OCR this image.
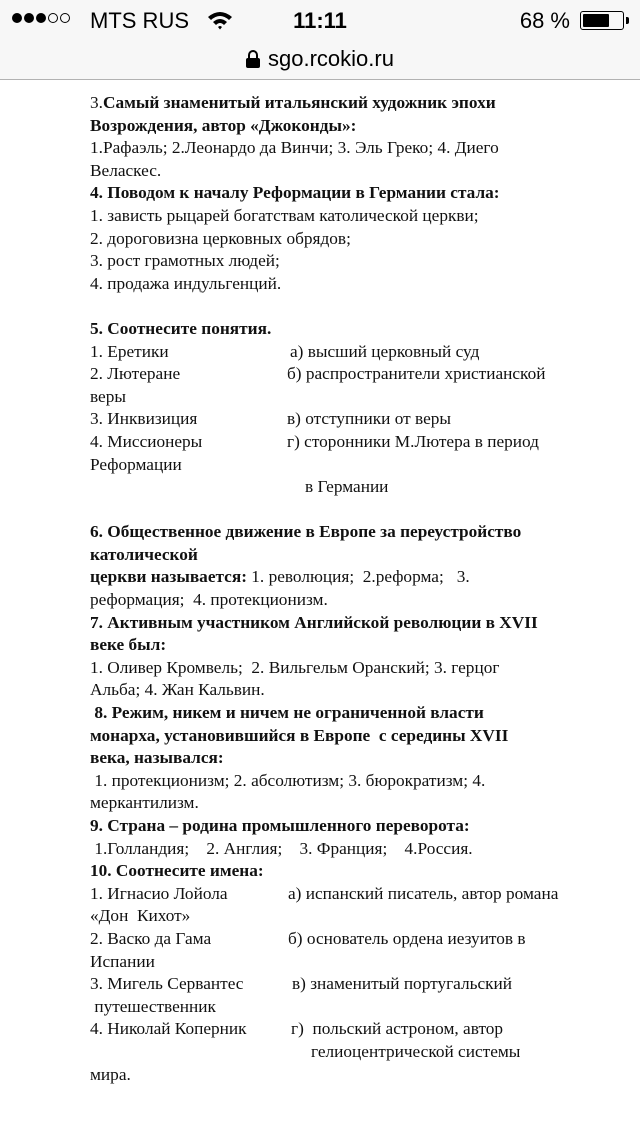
MTS RUS	11:11	68 %
sgo.rcokio.ru
3.Самый знаменитый итальянский художник эпохи
Возрождения, автор «Джоконды»:
1.Рафаэль; 2.Леонардо да Винчи; 3. Эль Греко; 4. Диего
Веласкес.
4. Поводом к началу Реформации в Германии стала:
1. зависть рыцарей богатствам католической церкви;
2. дороговизна церковных обрядов;
3. рост грамотных людей;
4. продажа индульгенций.
5. Соотнесите понятия.
1. Еретики	а) высший церковный суд
2. Лютеране	б) распространители христианской
веры
3. Инквизиция	в) отступники от веры
4. Миссионеры	г) сторонники М.Лютера в период
Реформации
в Германии
6. Общественное движение в Европе за переустройство
католической
церкви называется: 1. революция;  2.реформа;   3.
реформация;  4. протекционизм.
7. Активным участником Английской революции в XVII
веке был:
1. Оливер Кромвель;  2. Вильгельм Оранский; 3. герцог
Альба; 4. Жан Кальвин.
8. Режим, никем и ничем не ограниченной власти
монарха, установившийся в Европе  с середины XVII
века, назывался:
1. протекционизм; 2. абсолютизм; 3. бюрократизм; 4.
меркантилизм.
9. Страна – родина промышленного переворота:
1.Голландия;    2. Англия;    3. Франция;    4.Россия.
10. Соотнесите имена:
1. Игнасио Лойола	а) испанский писатель, автор романа
«Дон  Кихот»
2. Васко да Гама	б) основатель ордена иезуитов в
Испании
3. Мигель Сервантес	в) знаменитый португальский
путешественник
4. Николай Коперник	г)  польский астроном, автор
гелиоцентрической системы
мира.
